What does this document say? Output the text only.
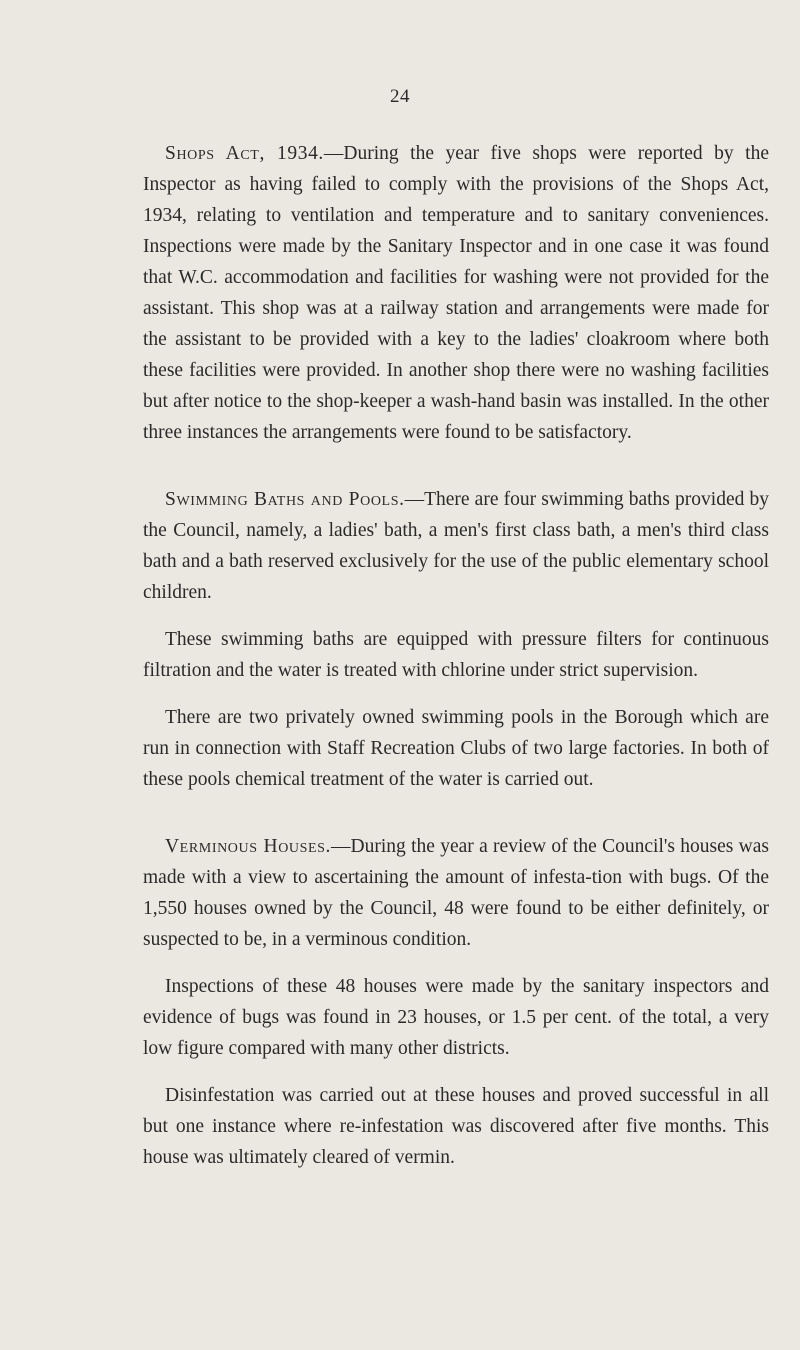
24

Shops Act, 1934.—During the year five shops were reported by the Inspector as having failed to comply with the provisions of the Shops Act, 1934, relating to ventilation and temperature and to sanitary conveniences. Inspections were made by the Sanitary Inspector and in one case it was found that W.C. accommodation and facilities for washing were not provided for the assistant. This shop was at a railway station and arrangements were made for the assistant to be provided with a key to the ladies' cloakroom where both these facilities were provided. In another shop there were no washing facilities but after notice to the shop-keeper a wash-hand basin was installed. In the other three instances the arrangements were found to be satisfactory.

Swimming Baths and Pools.—There are four swimming baths provided by the Council, namely, a ladies' bath, a men's first class bath, a men's third class bath and a bath reserved exclusively for the use of the public elementary school children.

These swimming baths are equipped with pressure filters for continuous filtration and the water is treated with chlorine under strict supervision.

There are two privately owned swimming pools in the Borough which are run in connection with Staff Recreation Clubs of two large factories. In both of these pools chemical treatment of the water is carried out.

Verminous Houses.—During the year a review of the Council's houses was made with a view to ascertaining the amount of infesta-tion with bugs. Of the 1,550 houses owned by the Council, 48 were found to be either definitely, or suspected to be, in a verminous condition.

Inspections of these 48 houses were made by the sanitary inspectors and evidence of bugs was found in 23 houses, or 1.5 per cent. of the total, a very low figure compared with many other districts.

Disinfestation was carried out at these houses and proved successful in all but one instance where re-infestation was discovered after five months. This house was ultimately cleared of vermin.
